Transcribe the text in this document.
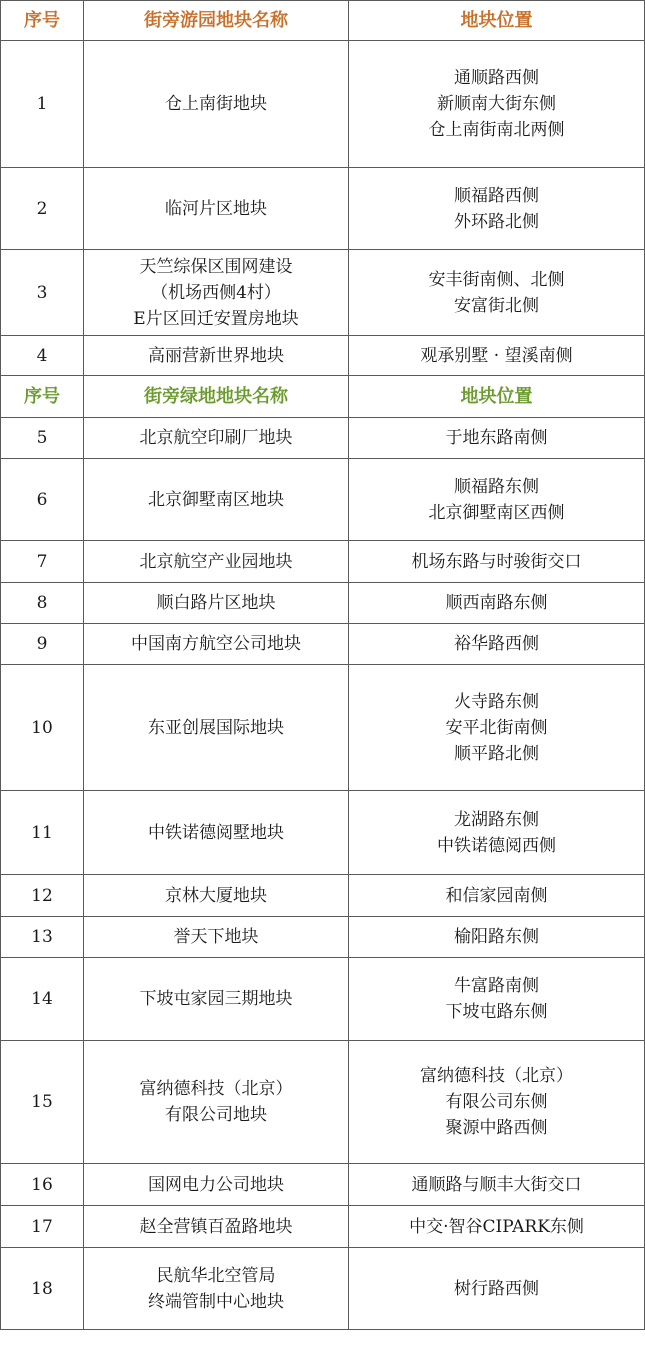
序号	街旁游园地块名称	地块位置
1	仓上南街地块	通顺路西侧
新顺南大街东侧
仓上南街南北两侧
2	临河片区地块	顺福路西侧
外环路北侧
3	天竺综保区围网建设
（机场西侧4村）
E片区回迁安置房地块	安丰街南侧、北侧
安富街北侧
4	高丽营新世界地块	观承别墅 · 望溪南侧
序号	街旁绿地地块名称	地块位置
5	北京航空印刷厂地块	于地东路南侧
6	北京御墅南区地块	顺福路东侧
北京御墅南区西侧
7	北京航空产业园地块	机场东路与时骏街交口
8	顺白路片区地块	顺西南路东侧
9	中国南方航空公司地块	裕华路西侧
10	东亚创展国际地块	火寺路东侧
安平北街南侧
顺平路北侧
11	中铁诺德阅墅地块	龙湖路东侧
中铁诺德阅西侧
12	京林大厦地块	和信家园南侧
13	誉天下地块	榆阳路东侧
14	下坡屯家园三期地块	牛富路南侧
下坡屯路东侧
15	富纳德科技（北京）
有限公司地块	富纳德科技（北京）
有限公司东侧
聚源中路西侧
16	国网电力公司地块	通顺路与顺丰大街交口
17	赵全营镇百盈路地块	中交·智谷CIPARK东侧
18	民航华北空管局
终端管制中心地块	树行路西侧
